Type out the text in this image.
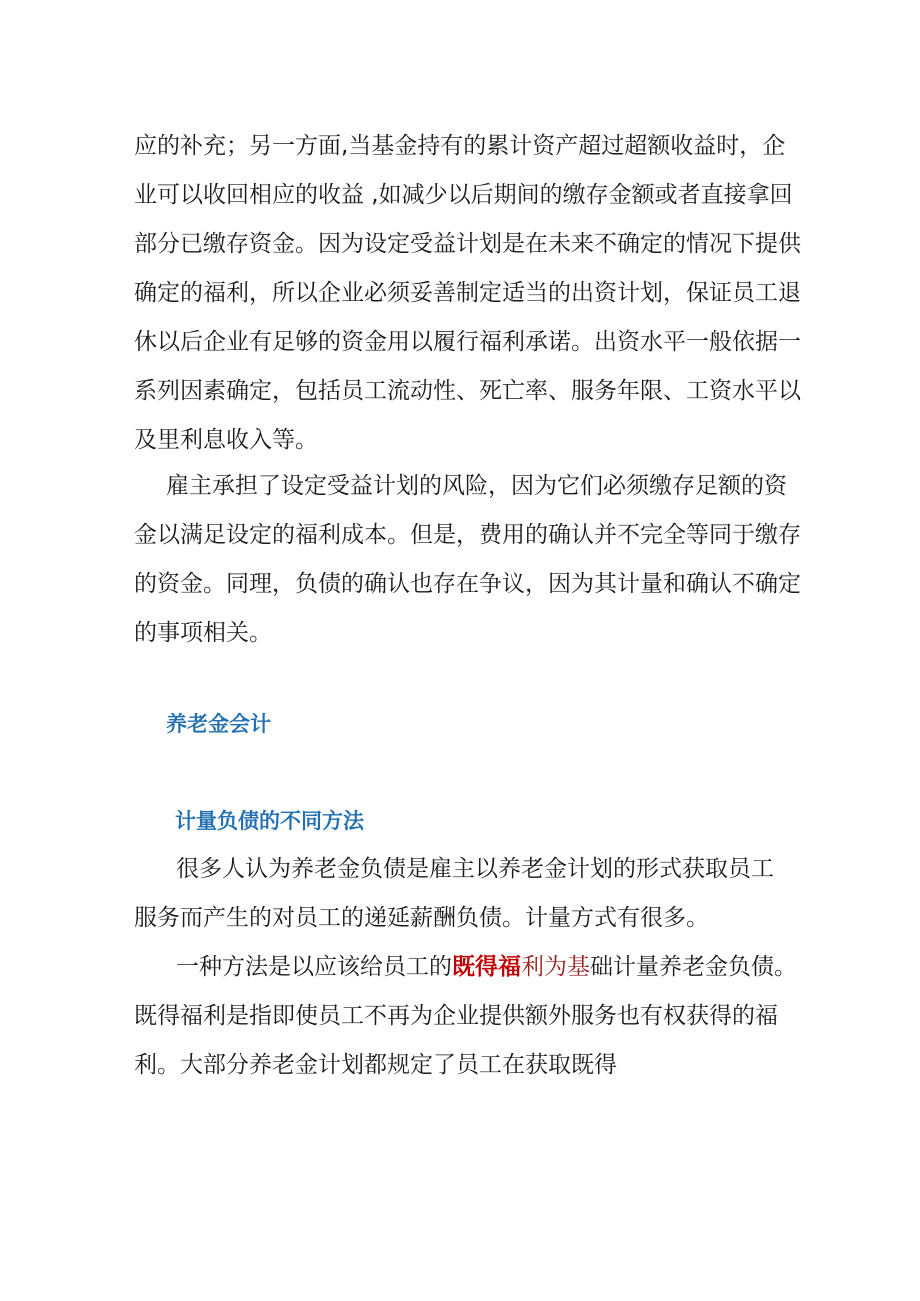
应的补充；另一方面,当基金持有的累计资产超过超额收益时，企
业可以收回相应的收益 ,如减少以后期间的缴存金额或者直接拿回
部分已缴存资金。因为设定受益计划是在未来不确定的情况下提供
确定的福利，所以企业必须妥善制定适当的出资计划，保证员工退
休以后企业有足够的资金用以履行福利承诺。出资水平一般依据一
系列因素确定，包括员工流动性、死亡率、服务年限、工资水平以
及里利息收入等。
雇主承担了设定受益计划的风险，因为它们必须缴存足额的资
金以满足设定的福利成本。但是，费用的确认并不完全等同于缴存
的资金。同理，负债的确认也存在争议，因为其计量和确认不确定
的事项相关。
养老金会计
计量负债的不同方法
很多人认为养老金负债是雇主以养老金计划的形式获取员工
服务而产生的对员工的递延薪酬负债。计量方式有很多。
一种方法是以应该给员工的既得福利为基础计量养老金负债。
既得福利是指即使员工不再为企业提供额外服务也有权获得的福
利。大部分养老金计划都规定了员工在获取既得
